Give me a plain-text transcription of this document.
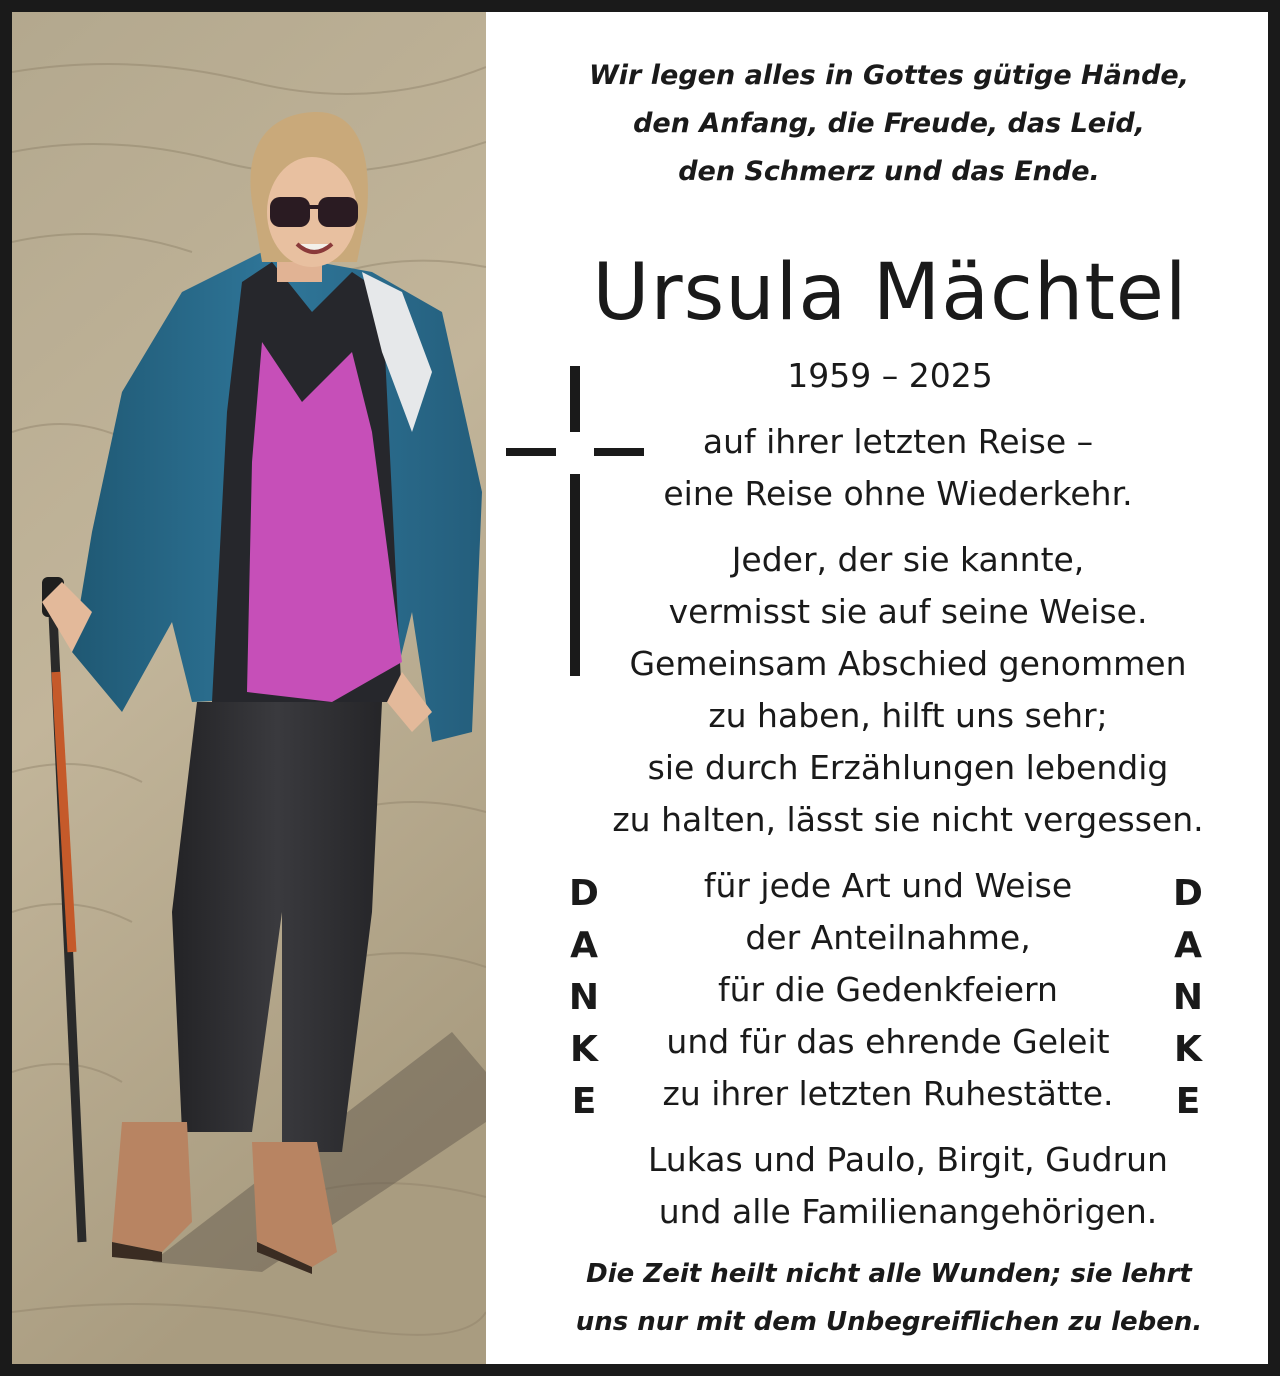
Wir legen alles in Gottes gütige Hände,
den Anfang, die Freude, das Leid,
den Schmerz und das Ende.
Ursula Mächtel
1959 – 2025
auf ihrer letzten Reise –
eine Reise ohne Wiederkehr.
Jeder, der sie kannte,
vermisst sie auf seine Weise.
Gemeinsam Abschied genommen
zu haben, hilft uns sehr;
sie durch Erzählungen lebendig
zu halten, lässt sie nicht vergessen.
D
A
N
K
E
für jede Art und Weise
der Anteilnahme,
für die Gedenkfeiern
und für das ehrende Geleit
zu ihrer letzten Ruhestätte.
D
A
N
K
E
Lukas und Paulo, Birgit, Gudrun
und alle Familienangehörigen.
Die Zeit heilt nicht alle Wunden; sie lehrt
uns nur mit dem Unbegreiflichen zu leben.
